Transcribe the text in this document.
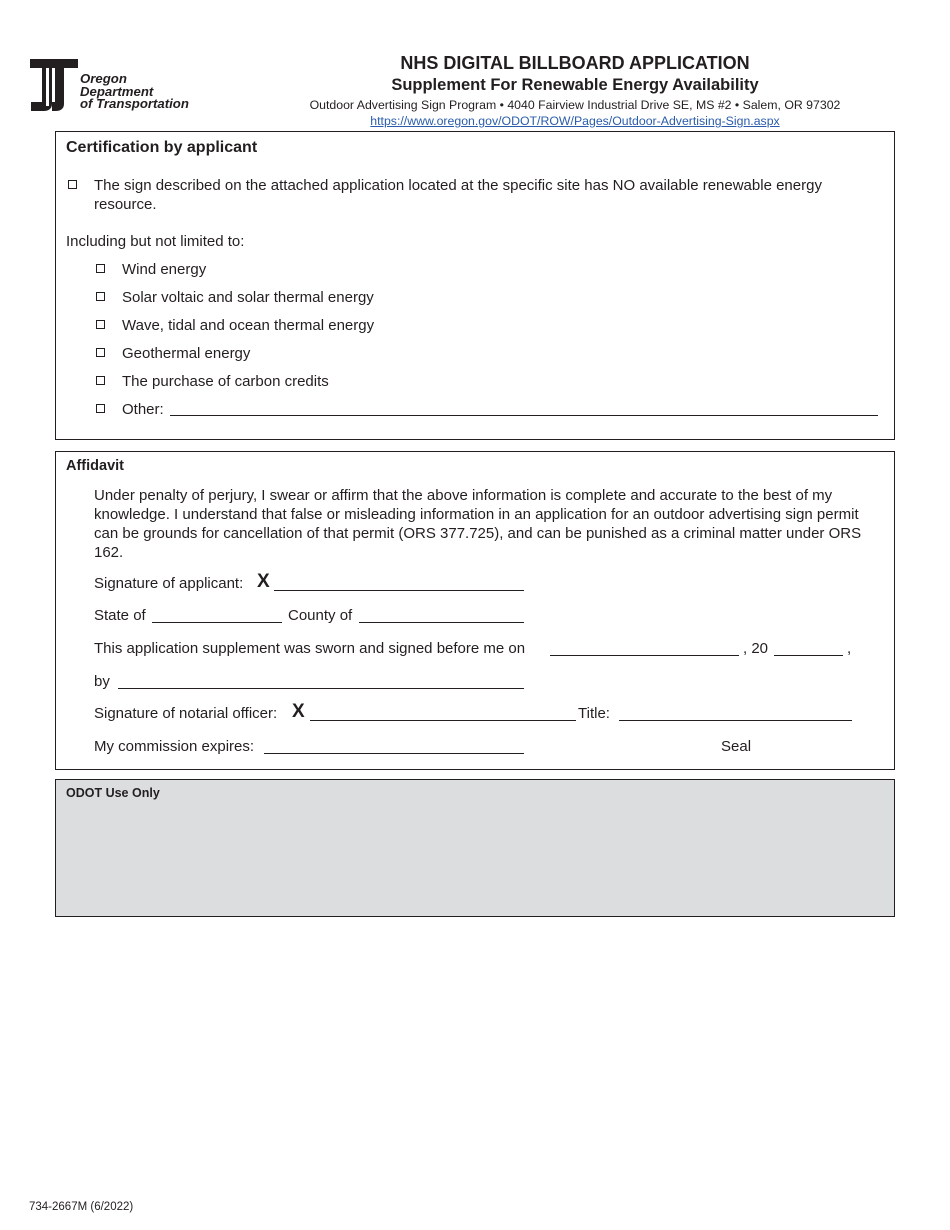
Oregon
Department
of Transportation
NHS DIGITAL BILLBOARD APPLICATION
Supplement For Renewable Energy Availability
Outdoor Advertising Sign Program • 4040 Fairview Industrial Drive SE, MS #2 • Salem, OR 97302
https://www.oregon.gov/ODOT/ROW/Pages/Outdoor-Advertising-Sign.aspx
Certification by applicant
The sign described on the attached application located at the specific site has NO available renewable energy
resource.
Including but not limited to:
Wind energy
Solar voltaic and solar thermal energy
Wave, tidal and ocean thermal energy
Geothermal energy
The purchase of carbon credits
Other:
Affidavit
Under penalty of perjury, I swear or affirm that the above information is complete and accurate to the best of my knowledge. I understand that false or misleading information in an application for an outdoor advertising sign permit can be grounds for cancellation of that permit (ORS 377.725), and can be punished as a criminal matter under ORS 162.
Signature of applicant: X
State of	County of
This application supplement was sworn and signed before me on	, 20	,
by
Signature of notarial officer: X	Title:
My commission expires:	Seal
ODOT Use Only
734-2667M (6/2022)
